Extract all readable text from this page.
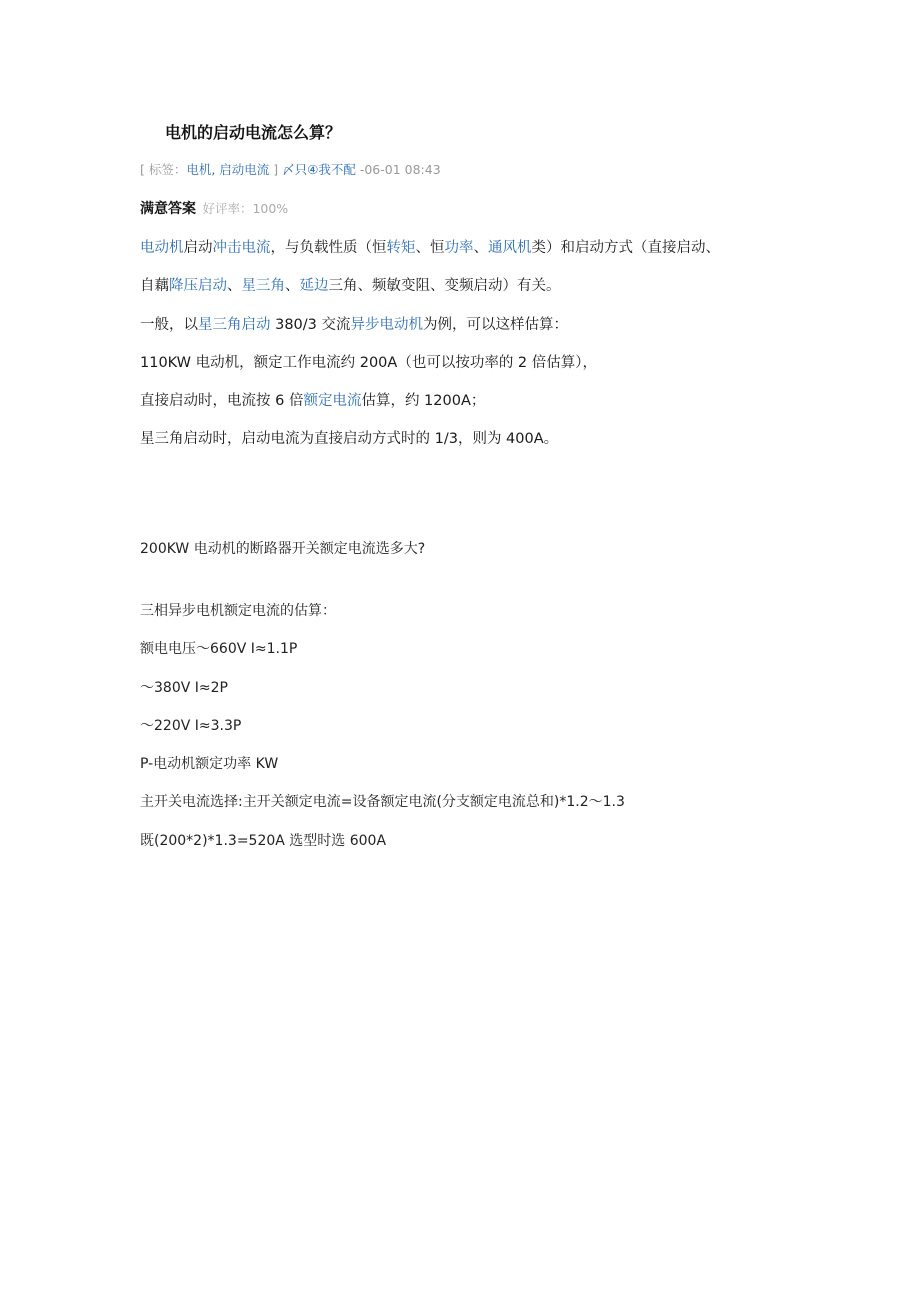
电机的启动电流怎么算？
[ 标签：电机, 启动电流 ] 〆只④我不配 -06-01 08:43
满意答案 好评率：100%
电动机启动冲击电流，与负载性质（恒转矩、恒功率、通风机类）和启动方式（直接启动、
自藕降压启动、星三角、延边三角、频敏变阻、变频启动）有关。
一般，以星三角启动 380/3 交流异步电动机为例，可以这样估算：
110KW 电动机，额定工作电流约 200A（也可以按功率的 2 倍估算），
直接启动时，电流按 6 倍额定电流估算，约 1200A；
星三角启动时，启动电流为直接启动方式时的 1/3，则为 400A。
200KW 电动机的断路器开关额定电流选多大?
三相异步电机额定电流的估算：
额电电压～660V I≈1.1P
～380V I≈2P
～220V I≈3.3P
P-电动机额定功率 KW
主开关电流选择:主开关额定电流=设备额定电流(分支额定电流总和)*1.2～1.3
既(200*2)*1.3=520A 选型时选 600A
